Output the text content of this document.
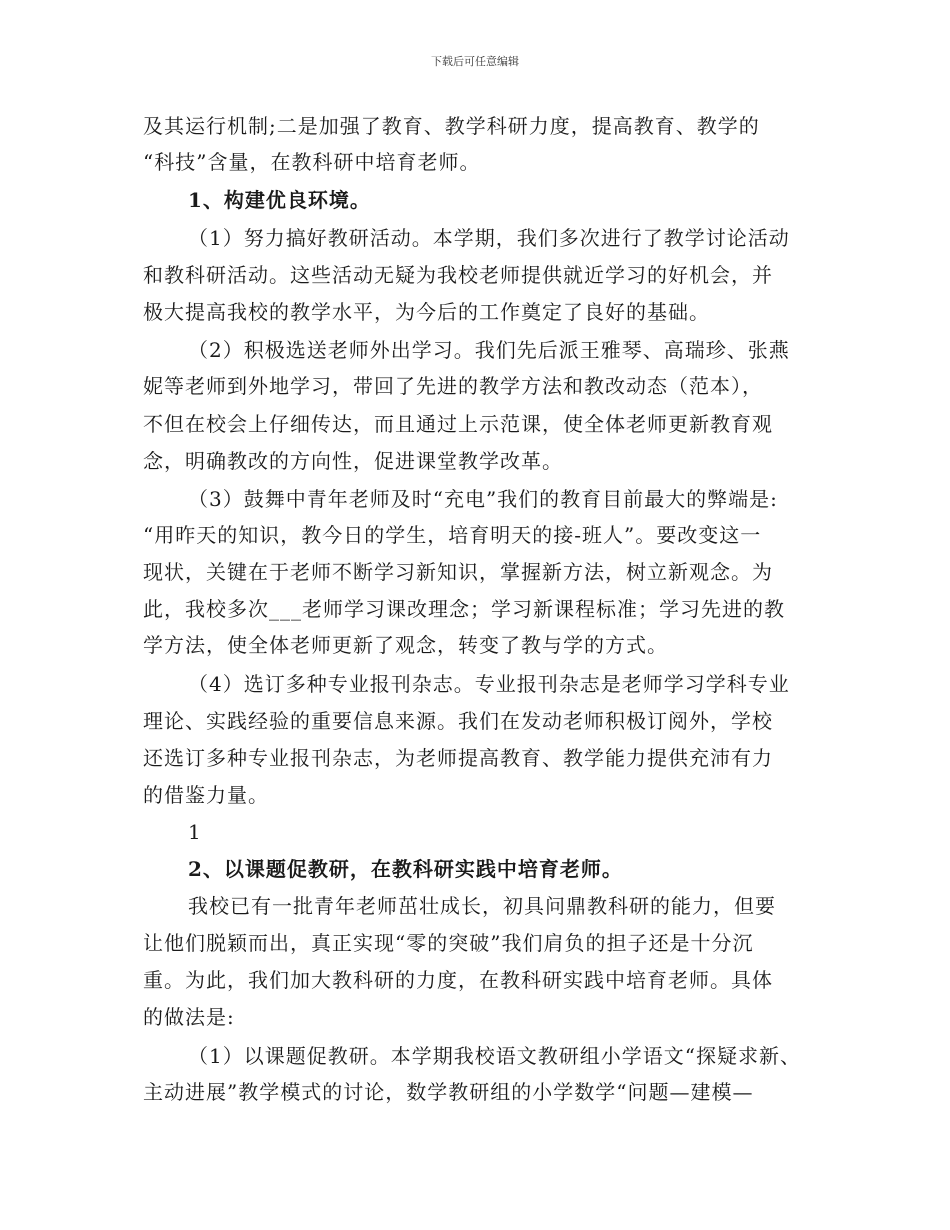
下载后可任意编辑
及其运行机制;二是加强了教育、教学科研力度，提高教育、教学的
“科技”含量，在教科研中培育老师。
1、构建优良环境。
（1）努力搞好教研活动。本学期，我们多次进行了教学讨论活动
和教科研活动。这些活动无疑为我校老师提供就近学习的好机会，并
极大提高我校的教学水平，为今后的工作奠定了良好的基础。
（2）积极选送老师外出学习。我们先后派王雅琴、高瑞珍、张燕
妮等老师到外地学习，带回了先进的教学方法和教改动态（范本），
不但在校会上仔细传达，而且通过上示范课，使全体老师更新教育观
念，明确教改的方向性，促进课堂教学改革。
（3）鼓舞中青年老师及时“充电”我们的教育目前最大的弊端是:
“用昨天的知识，教今日的学生，培育明天的接-班人”。要改变这一
现状，关键在于老师不断学习新知识，掌握新方法，树立新观念。为
此，我校多次___老师学习课改理念；学习新课程标准；学习先进的教
学方法，使全体老师更新了观念，转变了教与学的方式。
（4）选订多种专业报刊杂志。专业报刊杂志是老师学习学科专业
理论、实践经验的重要信息来源。我们在发动老师积极订阅外，学校
还选订多种专业报刊杂志，为老师提高教育、教学能力提供充沛有力
的借鉴力量。
1
2、以课题促教研，在教科研实践中培育老师。
我校已有一批青年老师茁壮成长，初具问鼎教科研的能力，但要
让他们脱颖而出，真正实现“零的突破”我们肩负的担子还是十分沉
重。为此，我们加大教科研的力度，在教科研实践中培育老师。具体
的做法是:
（1）以课题促教研。本学期我校语文教研组小学语文“探疑求新、
主动进展”教学模式的讨论，数学教研组的小学数学“问题—建模—
